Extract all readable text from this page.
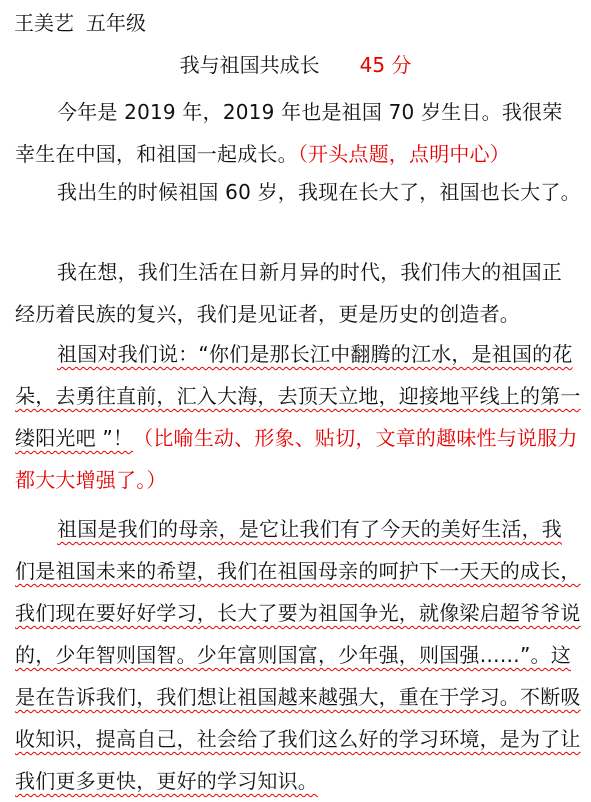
王美艺 五年级
我与祖国共成长 45 分
今年是 2019 年，2019 年也是祖国 70 岁生日。我很荣幸生在中国，和祖国一起成长。（开头点题，点明中心）
我出生的时候祖国 60 岁，我现在长大了，祖国也长大了。
我在想，我们生活在日新月异的时代，我们伟大的祖国正经历着民族的复兴，我们是见证者，更是历史的创造者。
祖国对我们说：“你们是那长江中翻腾的江水，是祖国的花朵，去勇往直前，汇入大海，去顶天立地，迎接地平线上的第一缕阳光吧 ”！（比喻生动、形象、贴切，文章的趣味性与说服力都大大增强了。）
祖国是我们的母亲，是它让我们有了今天的美好生活，我们是祖国未来的希望，我们在祖国母亲的呵护下一天天的成长，我们现在要好好学习，长大了要为祖国争光，就像梁启超爷爷说的，少年智则国智。少年富则国富，少年强，则国强……”。这是在告诉我们，我们想让祖国越来越强大，重在于学习。不断吸收知识，提高自己，社会给了我们这么好的学习环境，是为了让我们更多更快，更好的学习知识。
